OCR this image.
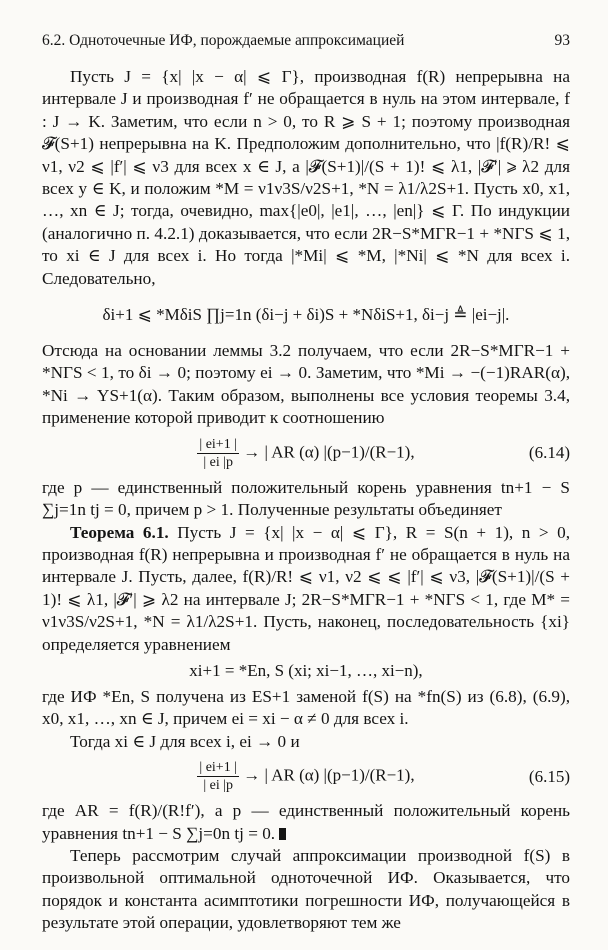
6.2. Одноточечные ИФ, порождаемые аппроксимацией	93

Пусть J = {x| |x − α| ⩽ Γ}, производная f(R) непрерывна на интервале J и производная f′ не обращается в нуль на этом интервале, f : J → K. Заметим, что если n > 0, то R ⩾ S + 1; поэтому производная 𝓕(S+1) непрерывна на K. Предположим дополнительно, что |f(R)/R! ⩽ ν1, ν2 ⩽ |f′| ⩽ ν3 для всех x ∈ J, а |𝓕(S+1)|/(S + 1)! ⩽ λ1, |𝓕′| ⩾ λ2 для всех y ∈ K, и положим *M = ν1ν3S/ν2S+1, *N = λ1/λ2S+1. Пусть x0, x1, …, xn ∈ J; тогда, очевидно, max{|e0|, |e1|, …, |en|} ⩽ Γ. По индукции (аналогично п. 4.2.1) доказывается, что если 2R−S*MΓR−1 + *NΓS ⩽ 1, то xi ∈ J для всех i. Но тогда |*Mi| ⩽ *M, |*Ni| ⩽ *N для всех i. Следовательно,

δi+1 ⩽ *MδiS ∏j=1n (δi−j + δi)S + *NδiS+1, δi−j ≜ |ei−j|.

Отсюда на основании леммы 3.2 получаем, что если 2R−S*MΓR−1 + *NΓS < 1, то δi → 0; поэтому ei → 0. Заметим, что *Mi → −(−1)RAR(α), *Ni → YS+1(α). Таким образом, выполнены все условия теоремы 3.4, применение которой приводит к соотношению

$\frac{| ei+1 |}{| ei |p}$ → | AR (α) |(p−1)/(R−1),	(6.14)

где p — единственный положительный корень уравнения tn+1 − S ∑j=1n tj = 0, причем p > 1. Полученные результаты объединяет

Теорема 6.1. Пусть J = {x| |x − α| ⩽ Γ}, R = S(n + 1), n > 0, производная f(R) непрерывна и производная f′ не обращается в нуль на интервале J. Пусть, далее, f(R)/R! ⩽ ν1, ν2 ⩽ ⩽ |f′| ⩽ ν3, |𝓕(S+1)|/(S + 1)! ⩽ λ1, |𝓕′| ⩾ λ2 на интервале J; 2R−S*MΓR−1 + *NΓS < 1, где M* = ν1ν3S/ν2S+1, *N = λ1/λ2S+1. Пусть, наконец, последовательность {xi} определяется уравнением

xi+1 = *En, S (xi; xi−1, …, xi−n),

где ИФ *En, S получена из ES+1 заменой f(S) на *fn(S) из (6.8), (6.9), x0, x1, …, xn ∈ J, причем ei = xi − α ≠ 0 для всех i.

Тогда xi ∈ J для всех i, ei → 0 и

$\frac{| ei+1 |}{| ei |p}$ → | AR (α) |(p−1)/(R−1),	(6.15)

где AR = f(R)/(R!f′), а p — единственный положительный корень уравнения tn+1 − S ∑j=0n tj = 0.

Теперь рассмотрим случай аппроксимации производной f(S) в произвольной оптимальной одноточечной ИФ. Оказывается, что порядок и константа асимптотики погрешности ИФ, получающейся в результате этой операции, удовлетворяют тем же
